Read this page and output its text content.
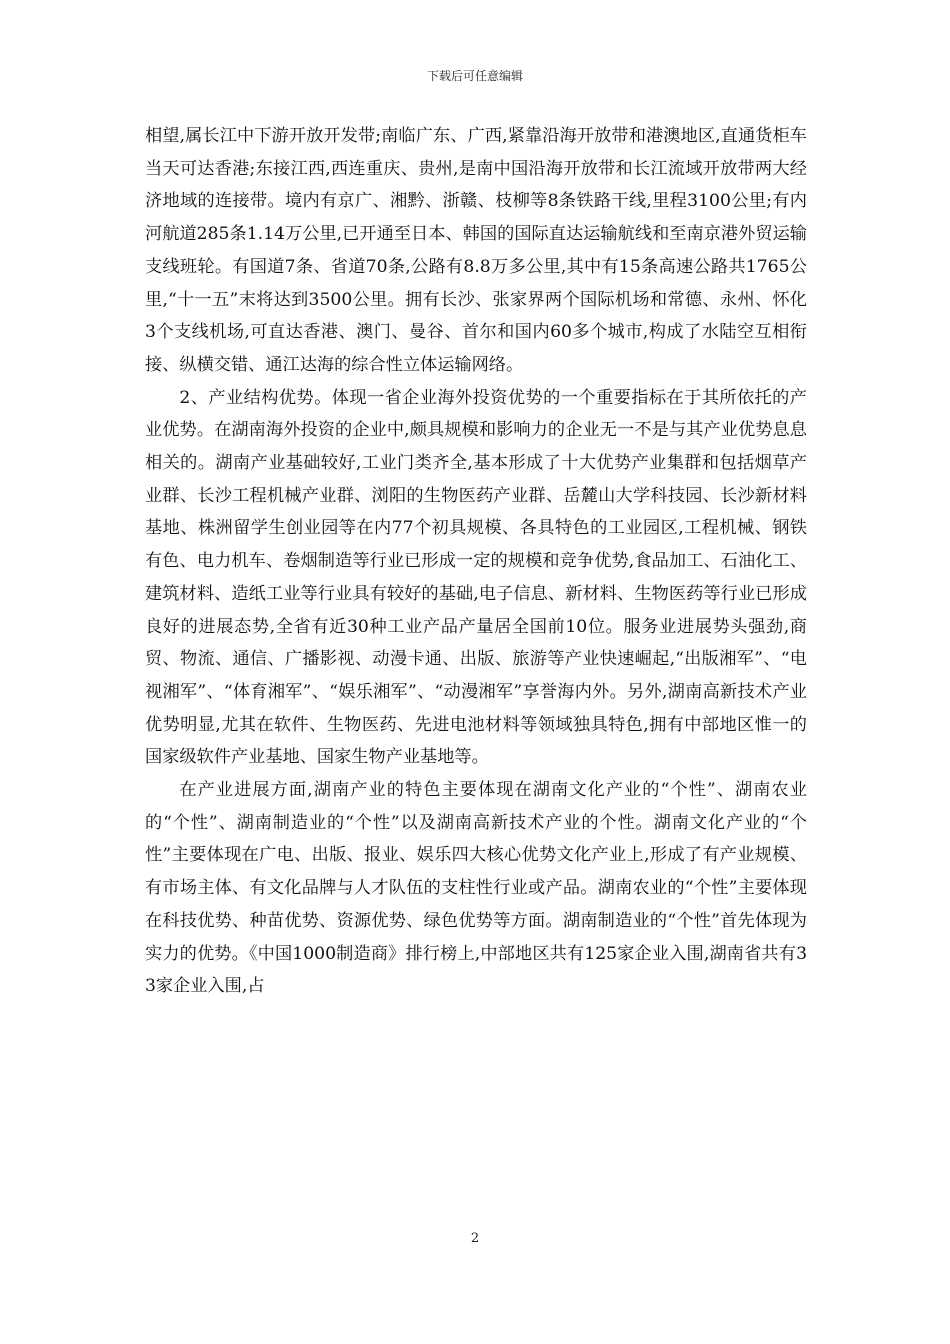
下载后可任意编辑

相望,属长江中下游开放开发带;南临广东、广西,紧靠沿海开放带和港澳地区,直通货柜车当天可达香港;东接江西,西连重庆、贵州,是南中国沿海开放带和长江流域开放带两大经济地域的连接带。境内有京广、湘黔、浙赣、枝柳等8条铁路干线,里程3100公里;有内河航道285条1.14万公里,已开通至日本、韩国的国际直达运输航线和至南京港外贸运输支线班轮。有国道7条、省道70条,公路有8.8万多公里,其中有15条高速公路共1765公里,“十一五”末将达到3500公里。拥有长沙、张家界两个国际机场和常德、永州、怀化3个支线机场,可直达香港、澳门、曼谷、首尔和国内60多个城市,构成了水陆空互相衔接、纵横交错、通江达海的综合性立体运输网络。

2、产业结构优势。体现一省企业海外投资优势的一个重要指标在于其所依托的产业优势。在湖南海外投资的企业中,颇具规模和影响力的企业无一不是与其产业优势息息相关的。湖南产业基础较好,工业门类齐全,基本形成了十大优势产业集群和包括烟草产业群、长沙工程机械产业群、浏阳的生物医药产业群、岳麓山大学科技园、长沙新材料基地、株洲留学生创业园等在内77个初具规模、各具特色的工业园区,工程机械、钢铁有色、电力机车、卷烟制造等行业已形成一定的规模和竞争优势,食品加工、石油化工、建筑材料、造纸工业等行业具有较好的基础,电子信息、新材料、生物医药等行业已形成良好的进展态势,全省有近30种工业产品产量居全国前10位。服务业进展势头强劲,商贸、物流、通信、广播影视、动漫卡通、出版、旅游等产业快速崛起,“出版湘军”、“电视湘军”、“体育湘军”、“娱乐湘军”、“动漫湘军”享誉海内外。另外,湖南高新技术产业优势明显,尤其在软件、生物医药、先进电池材料等领域独具特色,拥有中部地区惟一的国家级软件产业基地、国家生物产业基地等。

在产业进展方面,湖南产业的特色主要体现在湖南文化产业的“个性”、湖南农业的“个性”、湖南制造业的“个性”以及湖南高新技术产业的个性。湖南文化产业的“个性”主要体现在广电、出版、报业、娱乐四大核心优势文化产业上,形成了有产业规模、有市场主体、有文化品牌与人才队伍的支柱性行业或产品。湖南农业的“个性”主要体现在科技优势、种苗优势、资源优势、绿色优势等方面。湖南制造业的“个性”首先体现为实力的优势。《中国1000制造商》排行榜上,中部地区共有125家企业入围,湖南省共有33家企业入围,占

2
